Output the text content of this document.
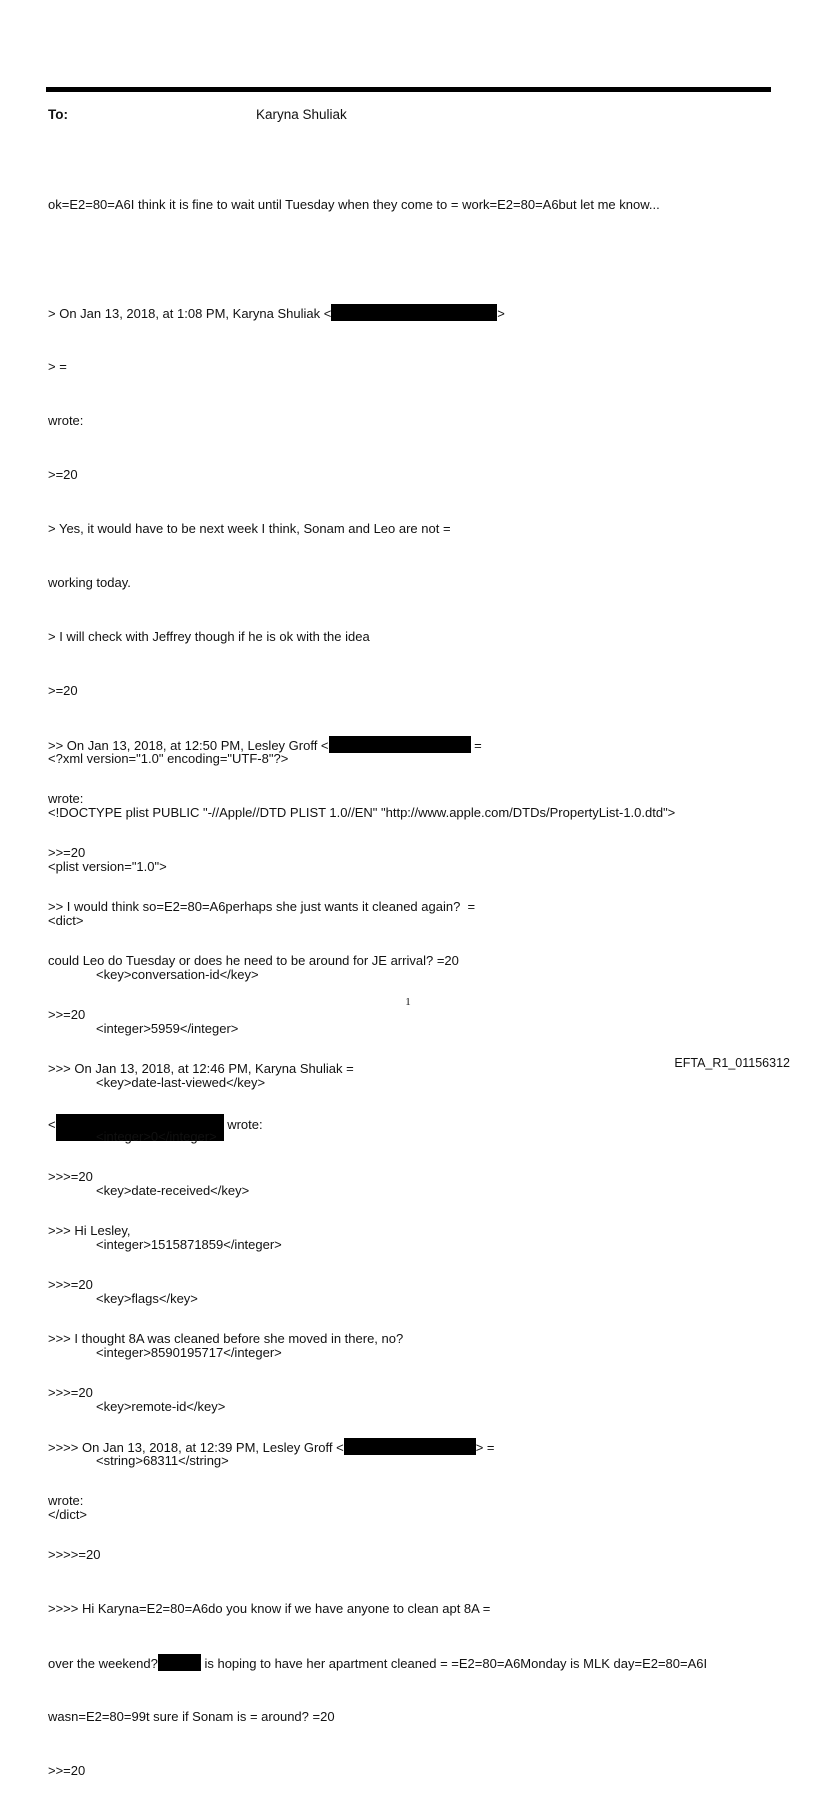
To:	Karyna Shuliak

ok=E2=80=A6I think it is fine to wait until Tuesday when they come to = work=E2=80=A6but let me know...

> On Jan 13, 2018, at 1:08 PM, Karyna Shuliak <	>

> =

wrote:

>=20

> Yes, it would have to be next week I think, Sonam and Leo are not =

working today.

> I will check with Jeffrey though if he is ok with the idea

>=20

>> On Jan 13, 2018, at 12:50 PM, Lesley Groff <	=

wrote:

>>=20

>> I would think so=E2=80=A6perhaps she just wants it cleaned again?  =

could Leo do Tuesday or does he need to be around for JE arrival? =20

>>=20

>>> On Jan 13, 2018, at 12:46 PM, Karyna Shuliak =

<	wrote:

>>>=20

>>> Hi Lesley,

>>>=20

>>> I thought 8A was cleaned before she moved in there, no?

>>>=20

>>>> On Jan 13, 2018, at 12:39 PM, Lesley Groff <	> =

wrote:

>>>>=20

>>>> Hi Karyna=E2=80=A6do you know if we have anyone to clean apt 8A =

over the weekend?	is hoping to have her apartment cleaned = =E2=80=A6Monday is MLK day=E2=80=A6I

wasn=E2=80=99t sure if Sonam is = around? =20

>>=20

<?xml version="1.0" encoding="UTF-8"?>

<!DOCTYPE plist PUBLIC "-//Apple//DTD PLIST 1.0//EN" "http://www.apple.com/DTDs/PropertyList-1.0.dtd">

<plist version="1.0">

<dict>

<key>conversation-id</key>

<integer>5959</integer>

<key>date-last-viewed</key>

<integer>0</integer>

<key>date-received</key>

<integer>1515871859</integer>

<key>flags</key>

<integer>8590195717</integer>

<key>remote-id</key>

<string>68311</string>

</dict>

1
EFTA_R1_01156312
